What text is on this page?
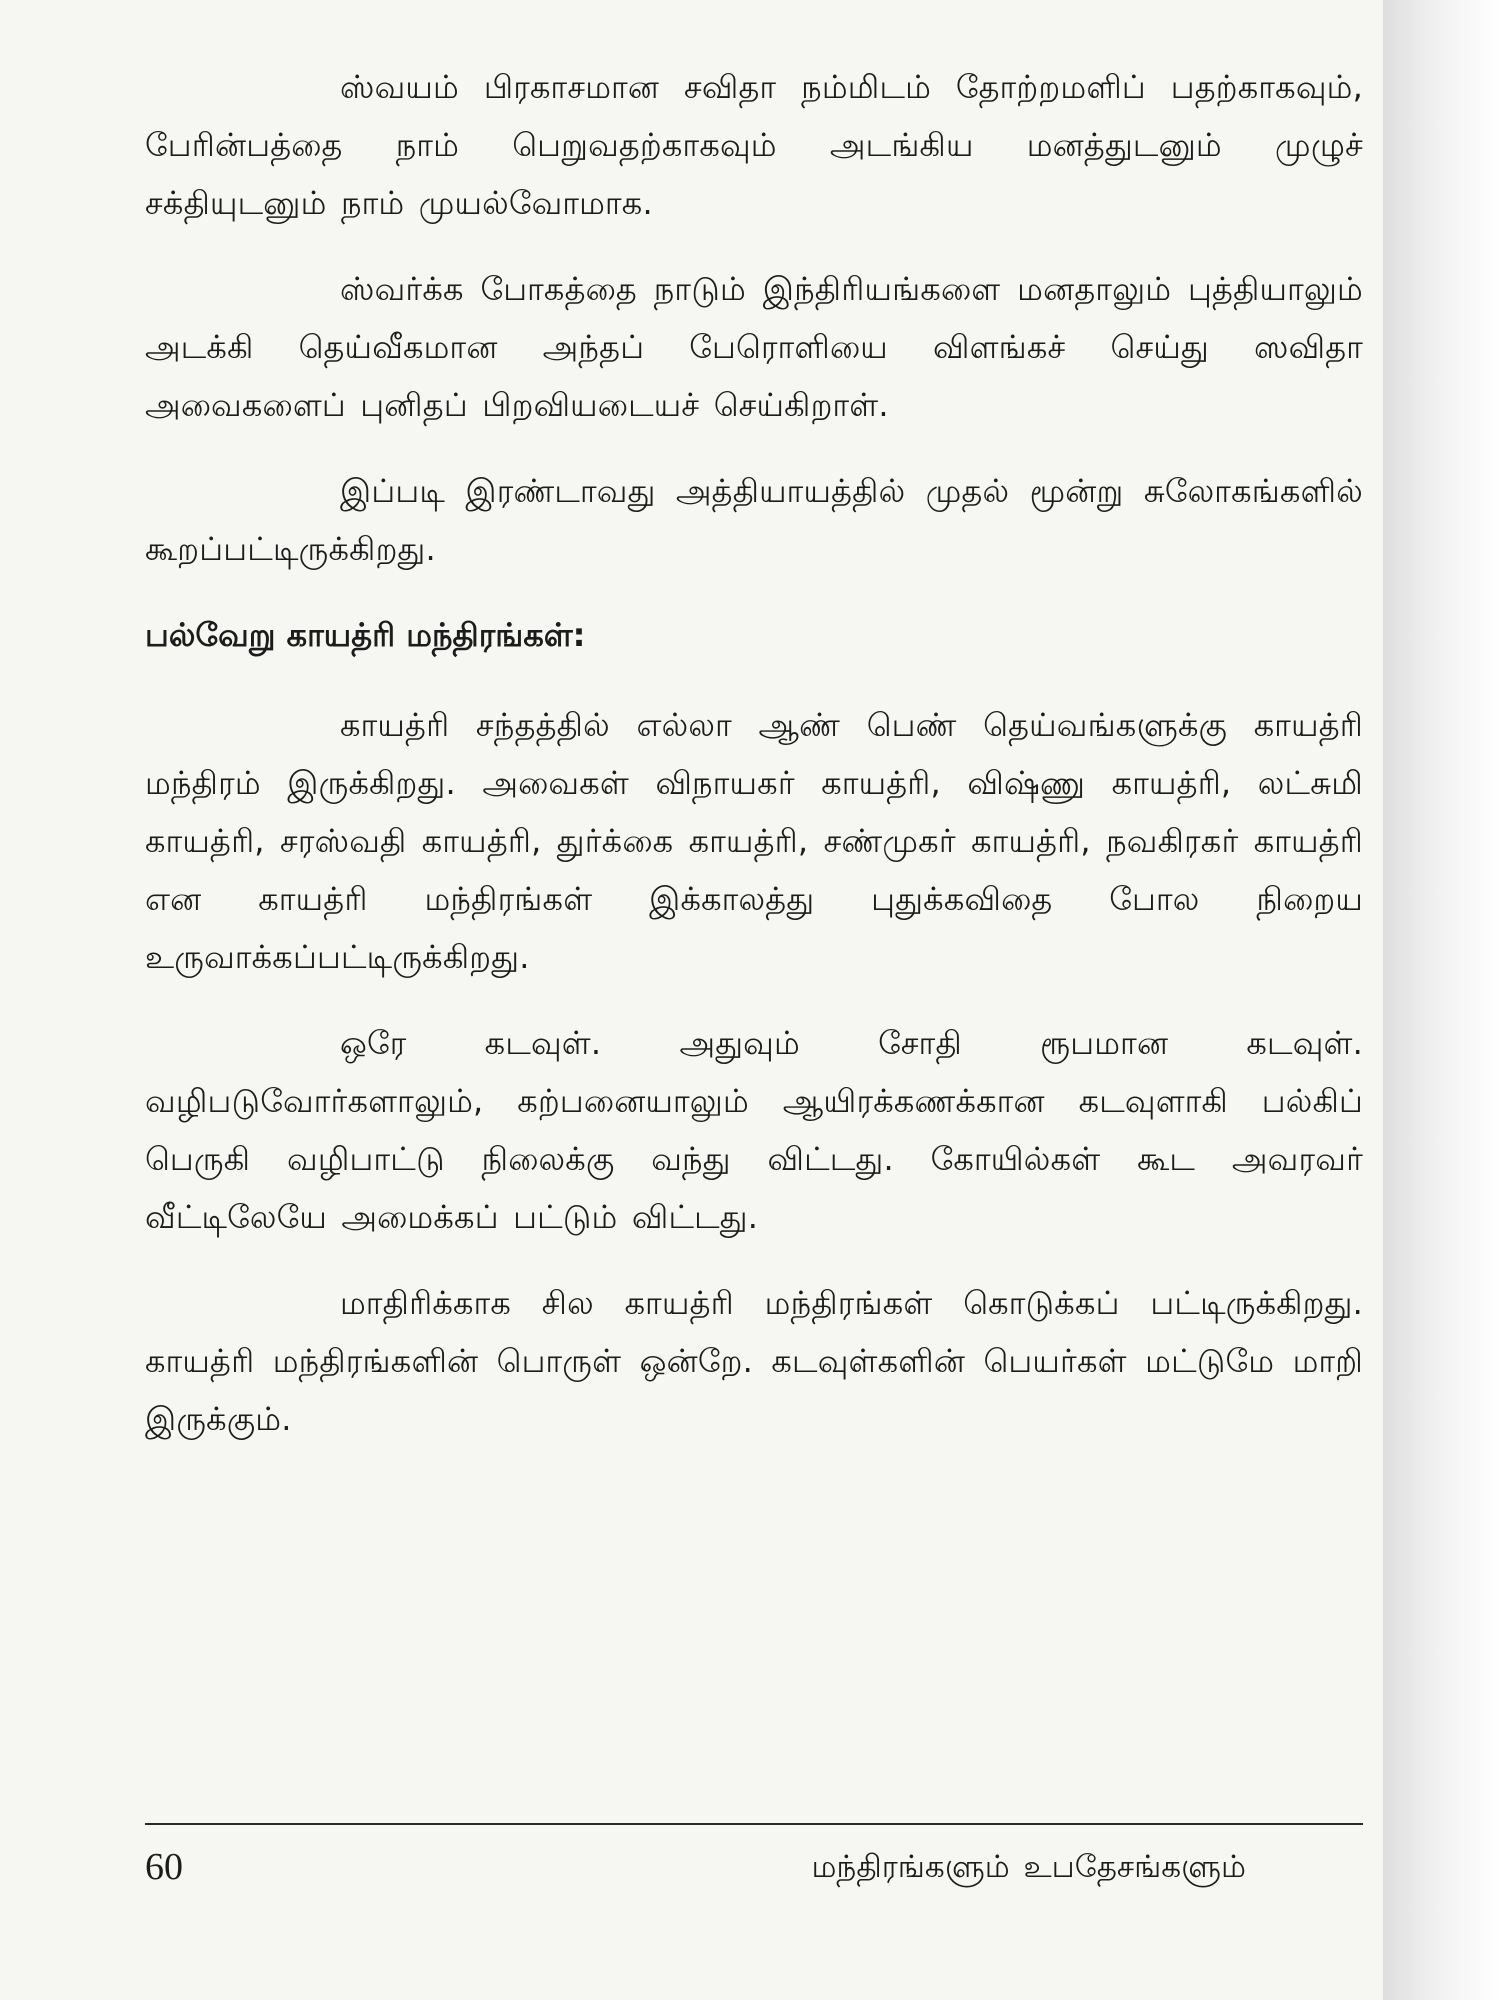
ஸ்வயம் பிரகாசமான சவிதா நம்மிடம் தோற்றமளிப் பதற்காகவும், பேரின்பத்தை நாம் பெறுவதற்காகவும் அடங்கிய மனத்துடனும் முழுச் சக்தியுடனும் நாம் முயல்வோமாக.

ஸ்வர்க்க போகத்தை நாடும் இந்திரியங்களை மனதாலும் புத்தியாலும் அடக்கி தெய்வீகமான அந்தப் பேரொளியை விளங்கச் செய்து ஸவிதா அவைகளைப் புனிதப் பிறவியடையச் செய்கிறாள்.

இப்படி இரண்டாவது அத்தியாயத்தில் முதல் மூன்று சுலோகங்களில் கூறப்பட்டிருக்கிறது.

பல்வேறு காயத்ரி மந்திரங்கள்:

காயத்ரி சந்தத்தில் எல்லா ஆண் பெண் தெய்வங்களுக்கு காயத்ரி மந்திரம் இருக்கிறது. அவைகள் விநாயகர் காயத்ரி, விஷ்ணு காயத்ரி, லட்சுமி காயத்ரி, சரஸ்வதி காயத்ரி, துர்க்கை காயத்ரி, சண்முகர் காயத்ரி, நவகிரகர் காயத்ரி என காயத்ரி மந்திரங்கள் இக்காலத்து புதுக்கவிதை போல நிறைய உருவாக்கப்பட்டிருக்கிறது.

ஒரே கடவுள். அதுவும் சோதி ரூபமான கடவுள். வழிபடுவோர்களாலும், கற்பனையாலும் ஆயிரக்கணக்கான கடவுளாகி பல்கிப் பெருகி வழிபாட்டு நிலைக்கு வந்து விட்டது. கோயில்கள் கூட அவரவர் வீட்டிலேயே அமைக்கப் பட்டும் விட்டது.

மாதிரிக்காக சில காயத்ரி மந்திரங்கள் கொடுக்கப் பட்டிருக்கிறது. காயத்ரி மந்திரங்களின் பொருள் ஒன்றே. கடவுள்களின் பெயர்கள் மட்டுமே மாறி இருக்கும்.

60	மந்திரங்களும் உபதேசங்களும்
